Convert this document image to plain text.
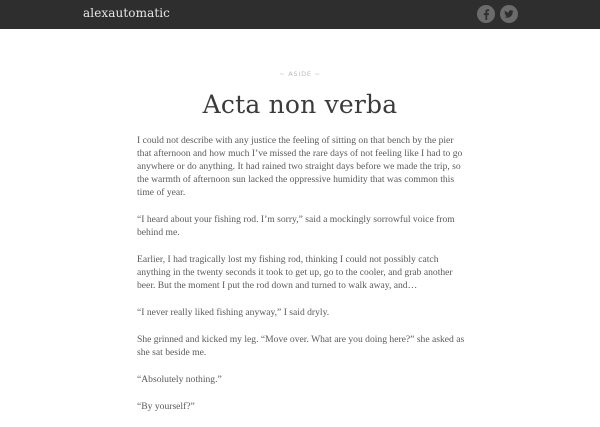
alexautomatic
~ ASIDE ~
Acta non verba

I could not describe with any justice the feeling of sitting on that bench by the pier that afternoon and how much I’ve missed the rare days of not feeling like I had to go anywhere or do anything. It had rained two straight days before we made the trip, so the warmth of afternoon sun lacked the oppressive humidity that was common this time of year.

“I heard about your fishing rod. I’m sorry,” said a mockingly sorrowful voice from behind me.

Earlier, I had tragically lost my fishing rod, thinking I could not possibly catch anything in the twenty seconds it took to get up, go to the cooler, and grab another beer. But the moment I put the rod down and turned to walk away, and…

“I never really liked fishing anyway,” I said dryly.

She grinned and kicked my leg. “Move over. What are you doing here?” she asked as she sat beside me.

“Absolutely nothing.”

“By yourself?”
